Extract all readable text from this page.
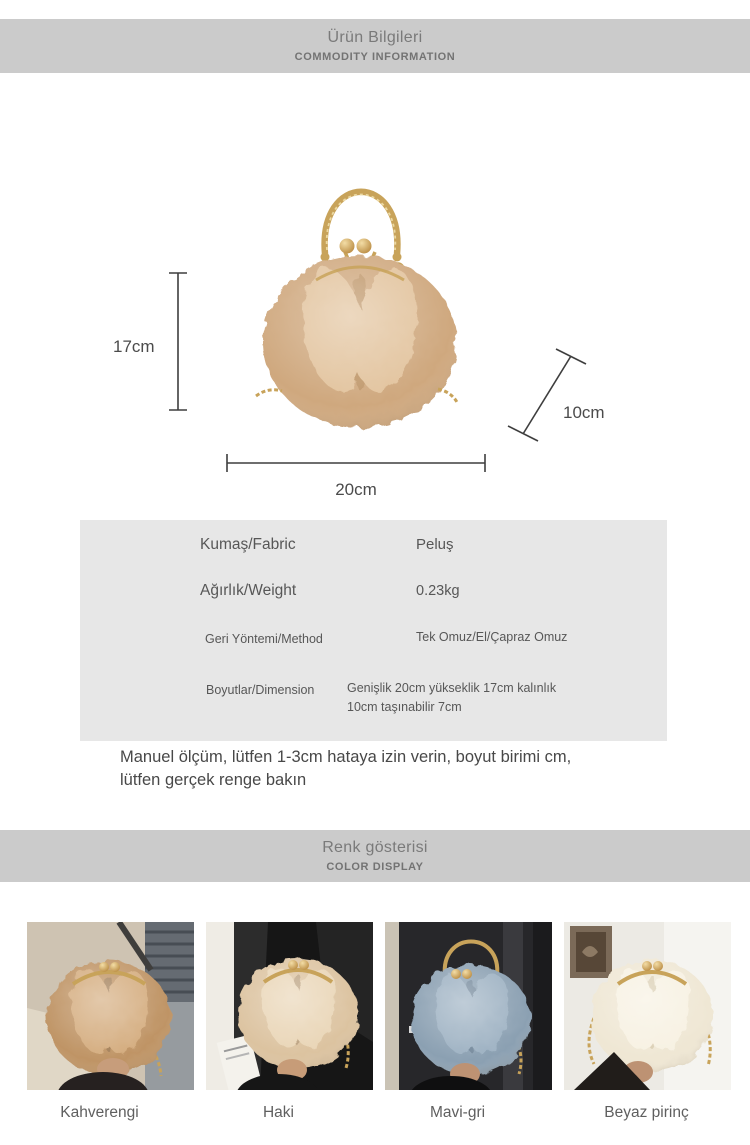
Ürün Bilgileri
COMMODITY INFORMATION
17cm
20cm
10cm
Kumaş/Fabric	Peluş
Ağırlık/Weight	0.23kg
Geri Yöntemi/Method	Tek Omuz/El/Çapraz Omuz
Boyutlar/Dimension	Genişlik 20cm yükseklik 17cm kalınlık 10cm taşınabilir 7cm
Manuel ölçüm, lütfen 1-3cm hataya izin verin, boyut birimi cm,
lütfen gerçek renge bakın
Renk gösterisi
COLOR DISPLAY
Kahverengi	Haki	Mavi-gri	Beyaz pirinç
